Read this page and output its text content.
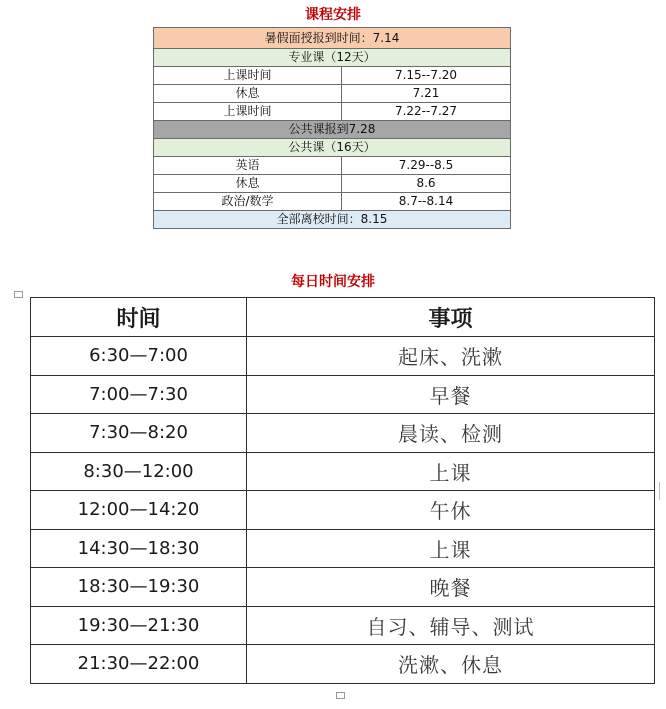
课程安排
暑假面授报到时间：7.14	
专业课（12天）	
上课时间	7.15--7.20
休息	7.21
上课时间	7.22--7.27
公共课报到7.28	
公共课（16天）	
英语	7.29--8.5
休息	8.6
政治/数学	8.7--8.14
全部离校时间：8.15	
每日时间安排
时间	事项
6:30—7:00	起床、洗漱
7:00—7:30	早餐
7:30—8:20	晨读、检测
8:30—12:00	上课
12:00—14:20	午休
14:30—18:30	上课
18:30—19:30	晚餐
19:30—21:30	自习、辅导、测试
21:30—22:00	洗漱、休息
